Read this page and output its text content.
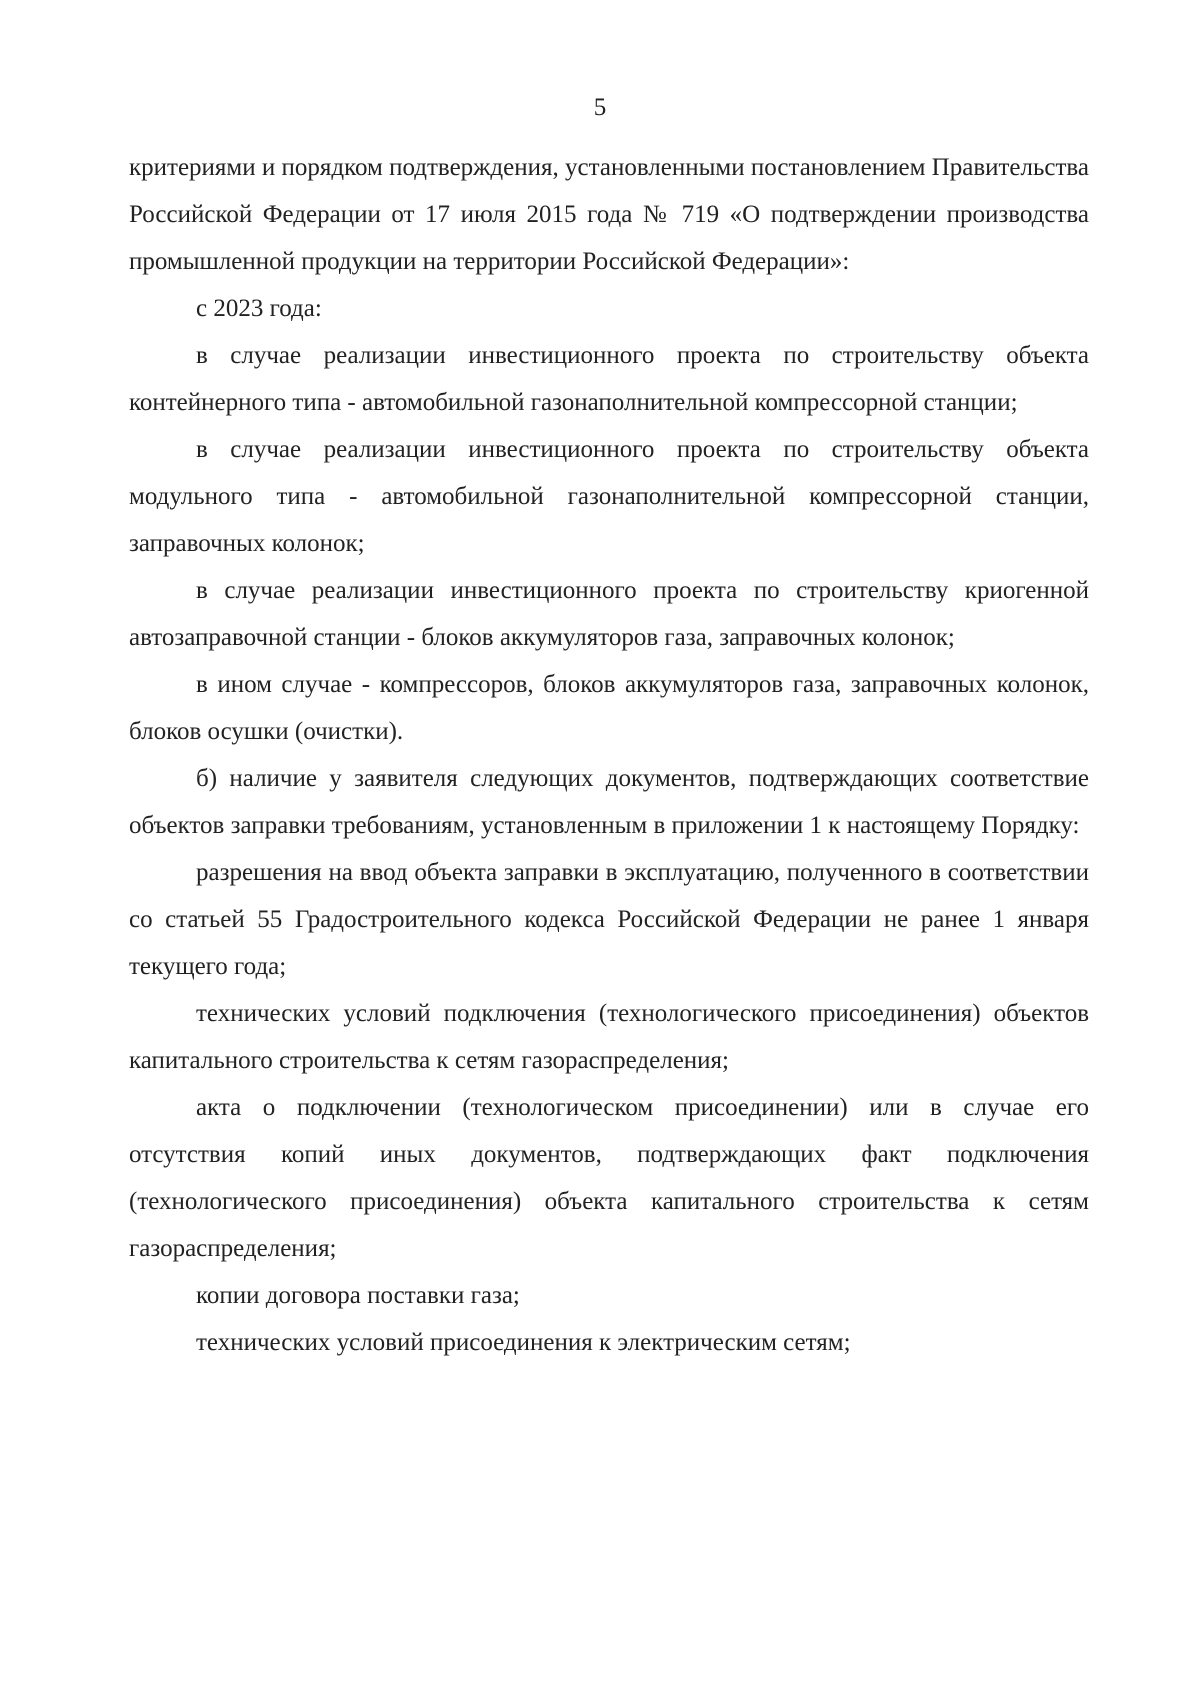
5

критериями и порядком подтверждения, установленными постановлением Правительства Российской Федерации от 17 июля 2015 года № 719 «О подтверждении производства промышленной продукции на территории Российской Федерации»:

с 2023 года:

в случае реализации инвестиционного проекта по строительству объекта контейнерного типа - автомобильной газонаполнительной компрессорной станции;

в случае реализации инвестиционного проекта по строительству объекта модульного типа - автомобильной газонаполнительной компрессорной станции, заправочных колонок;

в случае реализации инвестиционного проекта по строительству криогенной автозаправочной станции - блоков аккумуляторов газа, заправочных колонок;

в ином случае - компрессоров, блоков аккумуляторов газа, заправочных колонок, блоков осушки (очистки).

б) наличие у заявителя следующих документов, подтверждающих соответствие объектов заправки требованиям, установленным в приложении 1 к настоящему Порядку:

разрешения на ввод объекта заправки в эксплуатацию, полученного в соответствии со статьей 55 Градостроительного кодекса Российской Федерации не ранее 1 января текущего года;

технических условий подключения (технологического присоединения) объектов капитального строительства к сетям газораспределения;

акта о подключении (технологическом присоединении) или в случае его отсутствия копий иных документов, подтверждающих факт подключения (технологического присоединения) объекта капитального строительства к сетям газораспределения;

копии договора поставки газа;

технических условий присоединения к электрическим сетям;
